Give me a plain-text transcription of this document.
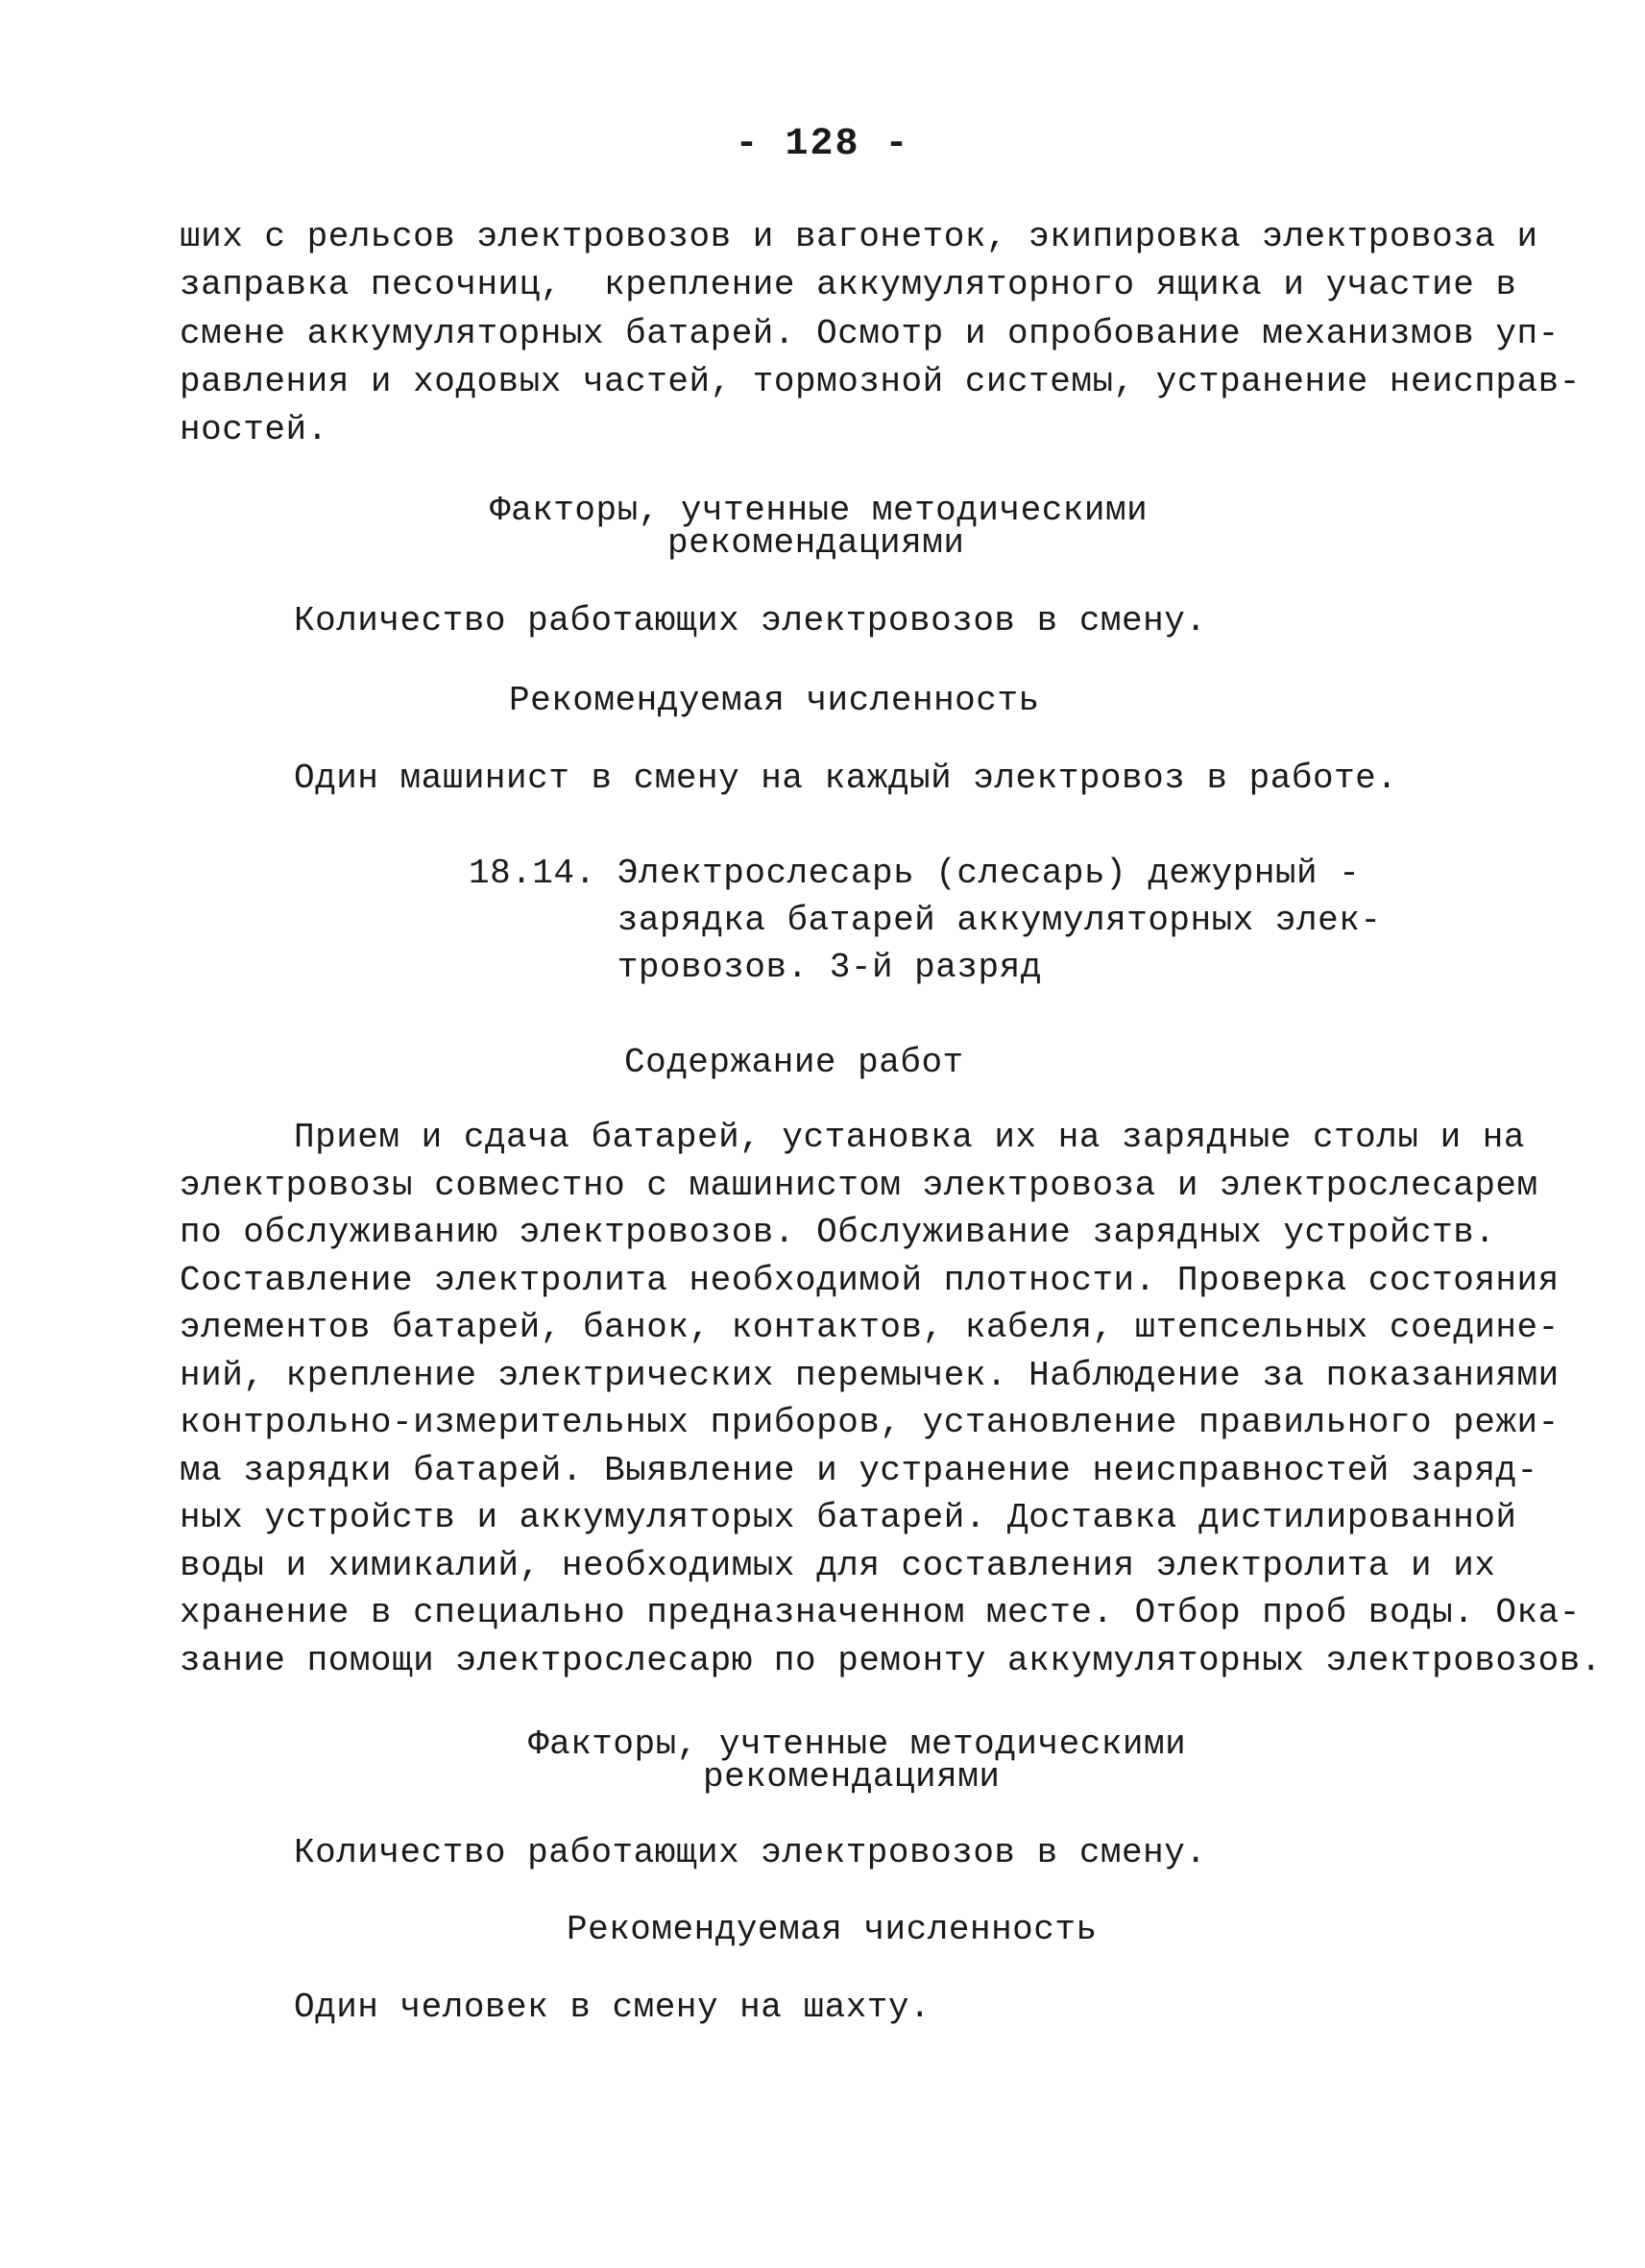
- 128 -
ших с рельсов электровозов и вагонеток, экипировка электровоза и
заправка песочниц,  крепление аккумуляторного ящика и участие в
смене аккумуляторных батарей. Осмотр и опробование механизмов уп-
равления и ходовых частей, тормозной системы, устранение неисправ-
ностей.
Факторы, учтенные методическими
рекомендациями
Количество работающих электровозов в смену.
Рекомендуемая численность
Один машинист в смену на каждый электровоз в работе.
18.14. Электрослесарь (слесарь) дежурный -
зарядка батарей аккумуляторных элек-
тровозов. 3-й разряд
Содержание работ
Прием и сдача батарей, установка их на зарядные столы и на
электровозы совместно с машинистом электровоза и электрослесарем
по обслуживанию электровозов. Обслуживание зарядных устройств.
Составление электролита необходимой плотности. Проверка состояния
элементов батарей, банок, контактов, кабеля, штепсельных соедине-
ний, крепление электрических перемычек. Наблюдение за показаниями
контрольно-измерительных приборов, установление правильного режи-
ма зарядки батарей. Выявление и устранение неисправностей заряд-
ных устройств и аккумуляторых батарей. Доставка дистилированной
воды и химикалий, необходимых для составления электролита и их
хранение в специально предназначенном месте. Отбор проб воды. Ока-
зание помощи электрослесарю по ремонту аккумуляторных электровозов.
Факторы, учтенные методическими
рекомендациями
Количество работающих электровозов в смену.
Рекомендуемая численность
Один человек в смену на шахту.
